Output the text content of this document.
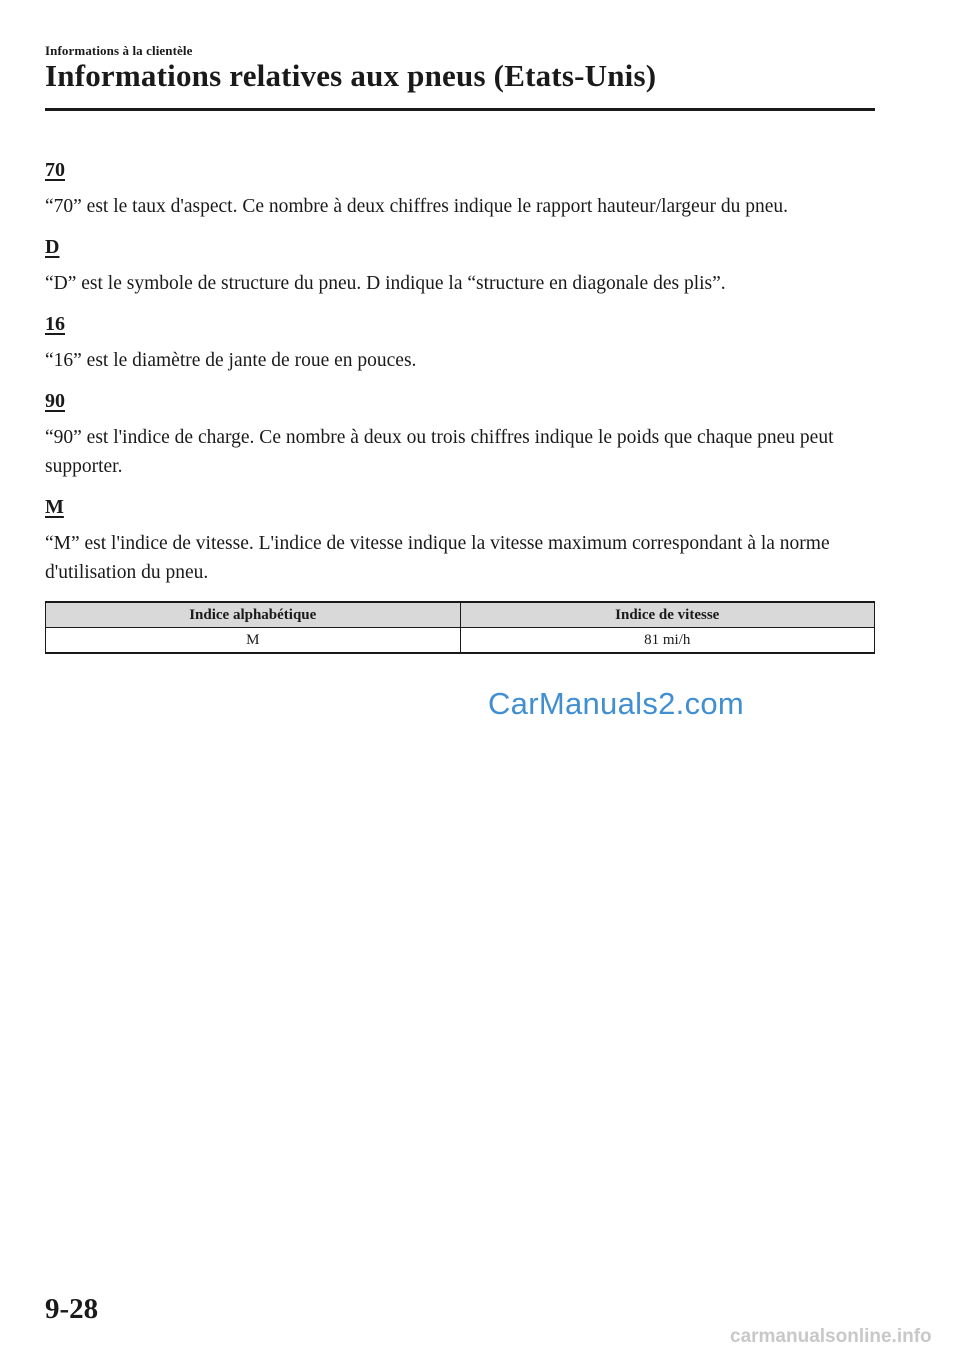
Informations à la clientèle
Informations relatives aux pneus (Etats-Unis)
70

“70” est le taux d'aspect. Ce nombre à deux chiffres indique le rapport hauteur/largeur du pneu.

D

“D” est le symbole de structure du pneu. D indique la “structure en diagonale des plis”.

16

“16” est le diamètre de jante de roue en pouces.

90

“90” est l'indice de charge. Ce nombre à deux ou trois chiffres indique le poids que chaque pneu peut supporter.

M

“M” est l'indice de vitesse. L'indice de vitesse indique la vitesse maximum correspondant à la norme d'utilisation du pneu.

Indice alphabétique	Indice de vitesse
M	81 mi/h
CarManuals2.com
9-28
carmanualsonline.info
